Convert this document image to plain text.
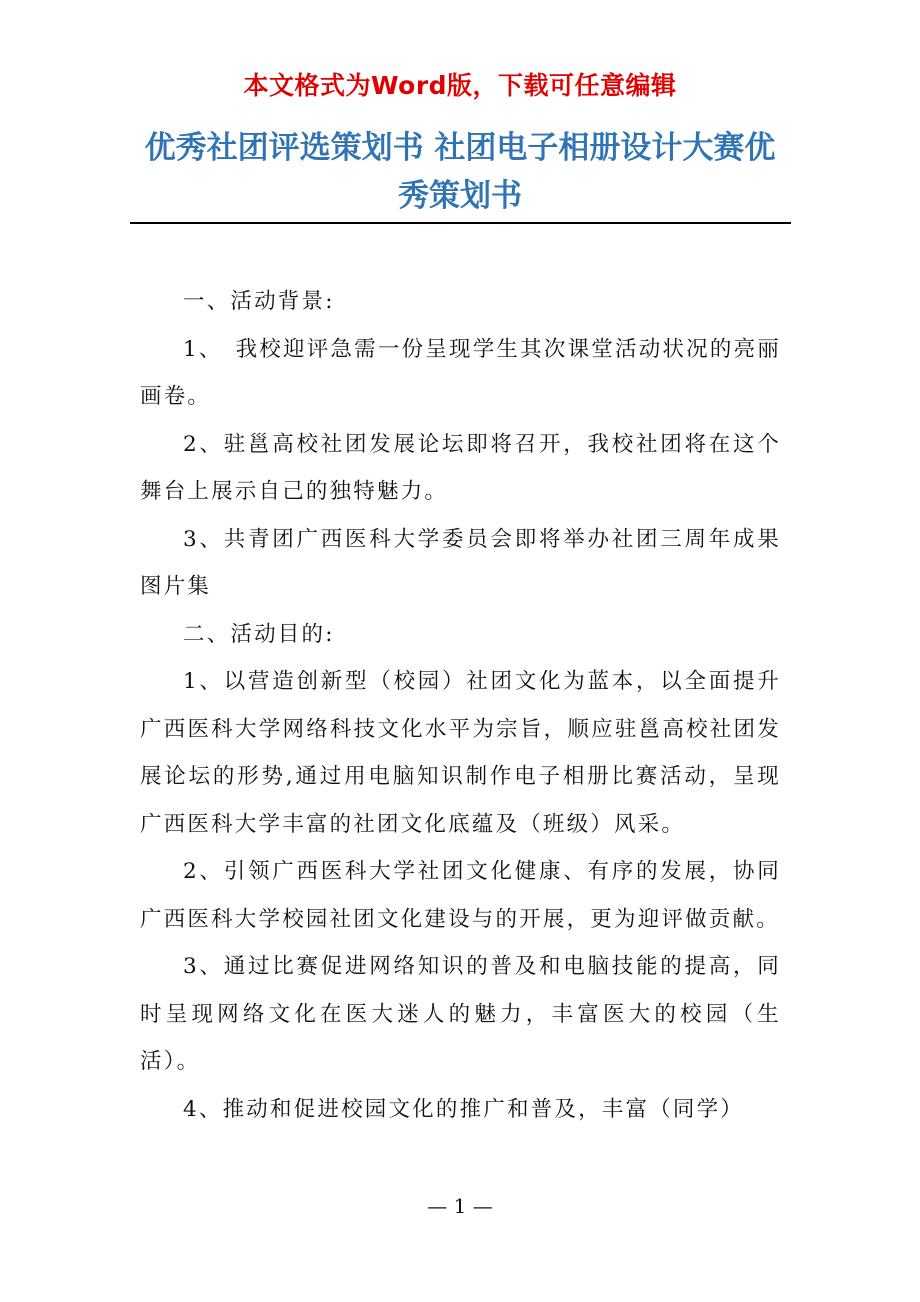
本文格式为Word版，下载可任意编辑
优秀社团评选策划书 社团电子相册设计大赛优秀策划书

一、活动背景:

1、　我校迎评急需一份呈现学生其次课堂活动状况的亮丽画卷。

2、驻邕高校社团发展论坛即将召开，我校社团将在这个舞台上展示自己的独特魅力。

3、共青团广西医科大学委员会即将举办社团三周年成果图片集

二、活动目的:

1、以营造创新型（校园）社团文化为蓝本，以全面提升广西医科大学网络科技文化水平为宗旨，顺应驻邕高校社团发展论坛的形势,通过用电脑知识制作电子相册比赛活动，呈现广西医科大学丰富的社团文化底蕴及（班级）风采。

2、引领广西医科大学社团文化健康、有序的发展，协同广西医科大学校园社团文化建设与的开展，更为迎评做贡献。

3、通过比赛促进网络知识的普及和电脑技能的提高，同时呈现网络文化在医大迷人的魅力，丰富医大的校园（生活）。

4、推动和促进校园文化的推广和普及，丰富（同学）

— 1 —
